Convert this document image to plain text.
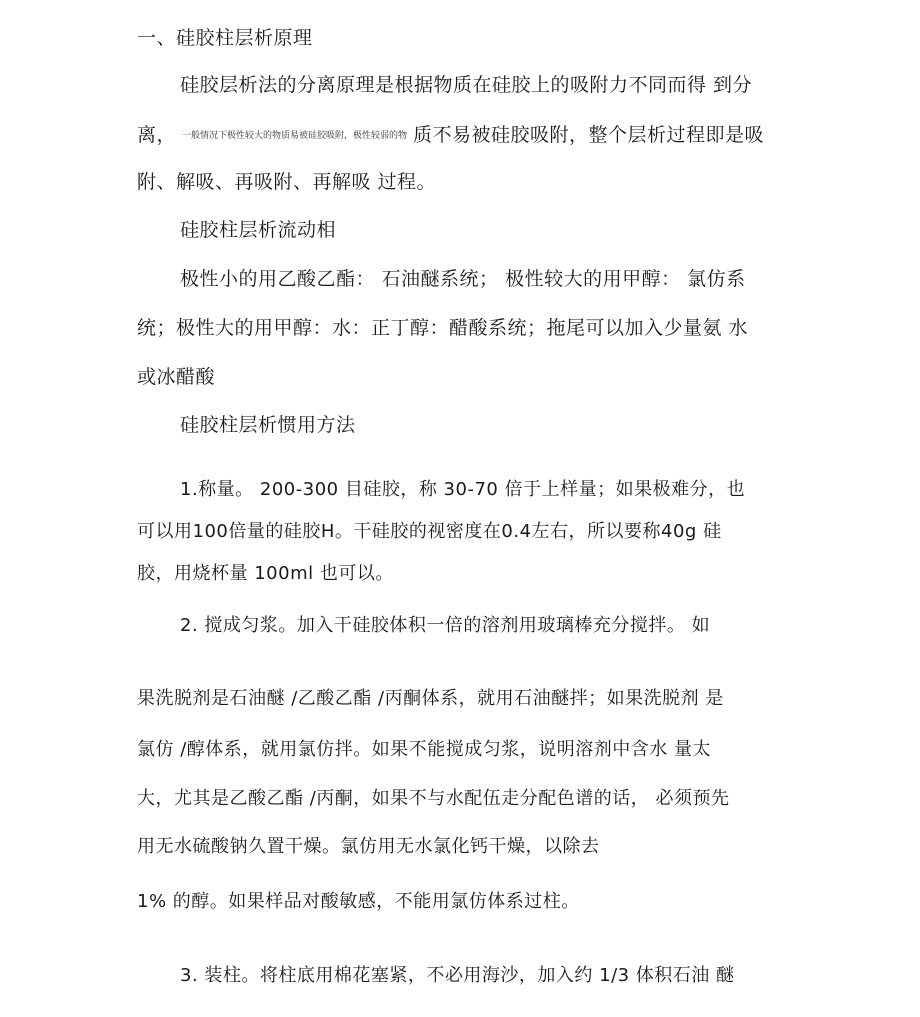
一、硅胶柱层析原理
硅胶层析法的分离原理是根据物质在硅胶上的吸附力不同而得 到分
离， 一般情况下极性较大的物质易被硅胶吸附，极性较弱的物 质不易被硅胶吸附，整个层析过程即是吸
附、解吸、再吸附、再解吸 过程。
硅胶柱层析流动相
极性小的用乙酸乙酯： 石油醚系统； 极性较大的用甲醇： 氯仿系
统；极性大的用甲醇：水：正丁醇：醋酸系统；拖尾可以加入少量氨 水
或冰醋酸
硅胶柱层析惯用方法
1.称量。 200-300 目硅胶，称 30-70 倍于上样量；如果极难分，也
可以用100倍量的硅胶H。干硅胶的视密度在0.4左右，所以要称40g 硅
胶，用烧杯量 100ml 也可以。
2. 搅成匀浆。加入干硅胶体积一倍的溶剂用玻璃棒充分搅拌。 如
果洗脱剂是石油醚 /乙酸乙酯 /丙酮体系，就用石油醚拌；如果洗脱剂 是
氯仿 /醇体系，就用氯仿拌。如果不能搅成匀浆，说明溶剂中含水 量太
大，尤其是乙酸乙酯 /丙酮，如果不与水配伍走分配色谱的话， 必须预先
用无水硫酸钠久置干燥。氯仿用无水氯化钙干燥，以除去
1% 的醇。如果样品对酸敏感，不能用氯仿体系过柱。
3. 装柱。将柱底用棉花塞紧，不必用海沙，加入约 1/3 体积石油 醚
